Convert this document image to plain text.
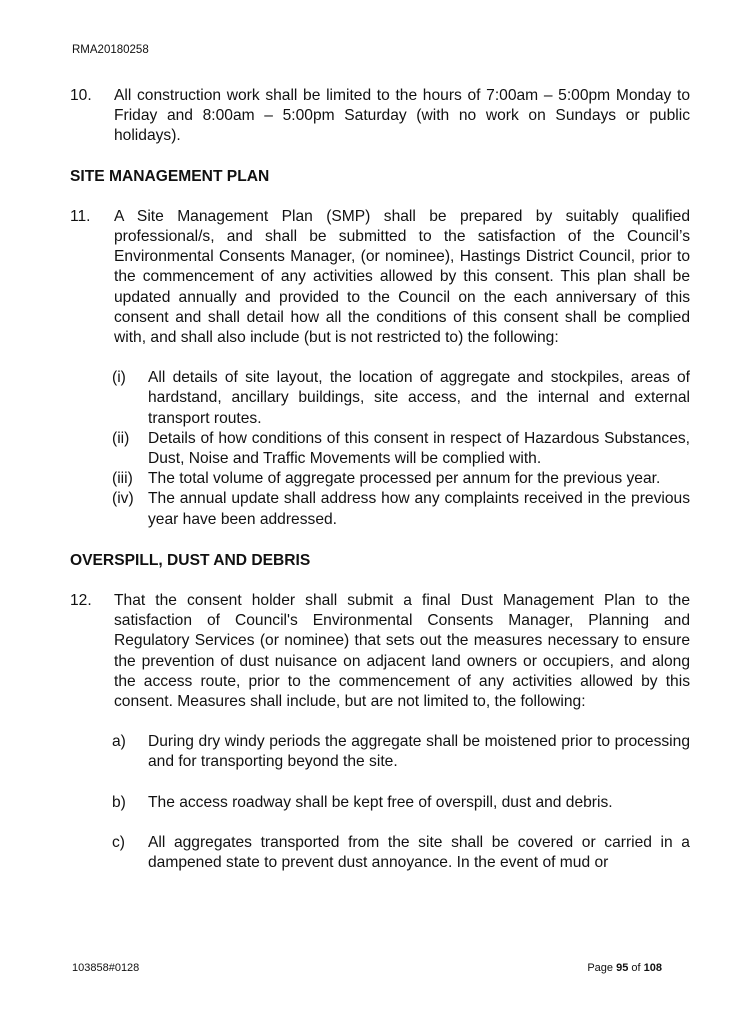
RMA20180258
10. All construction work shall be limited to the hours of 7:00am – 5:00pm Monday to Friday and 8:00am – 5:00pm Saturday (with no work on Sundays or public holidays).
SITE MANAGEMENT PLAN
11. A Site Management Plan (SMP) shall be prepared by suitably qualified professional/s, and shall be submitted to the satisfaction of the Council’s Environmental Consents Manager, (or nominee), Hastings District Council, prior to the commencement of any activities allowed by this consent. This plan shall be updated annually and provided to the Council on the each anniversary of this consent and shall detail how all the conditions of this consent shall be complied with, and shall also include (but is not restricted to) the following:
(i) All details of site layout, the location of aggregate and stockpiles, areas of hardstand, ancillary buildings, site access, and the internal and external transport routes.
(ii) Details of how conditions of this consent in respect of Hazardous Substances, Dust, Noise and Traffic Movements will be complied with.
(iii) The total volume of aggregate processed per annum for the previous year.
(iv) The annual update shall address how any complaints received in the previous year have been addressed.
OVERSPILL, DUST AND DEBRIS
12. That the consent holder shall submit a final Dust Management Plan to the satisfaction of Council's Environmental Consents Manager, Planning and Regulatory Services (or nominee) that sets out the measures necessary to ensure the prevention of dust nuisance on adjacent land owners or occupiers, and along the access route, prior to the commencement of any activities allowed by this consent. Measures shall include, but are not limited to, the following:
a) During dry windy periods the aggregate shall be moistened prior to processing and for transporting beyond the site.
b) The access roadway shall be kept free of overspill, dust and debris.
c) All aggregates transported from the site shall be covered or carried in a dampened state to prevent dust annoyance. In the event of mud or
103858#0128	Page 95 of 108
